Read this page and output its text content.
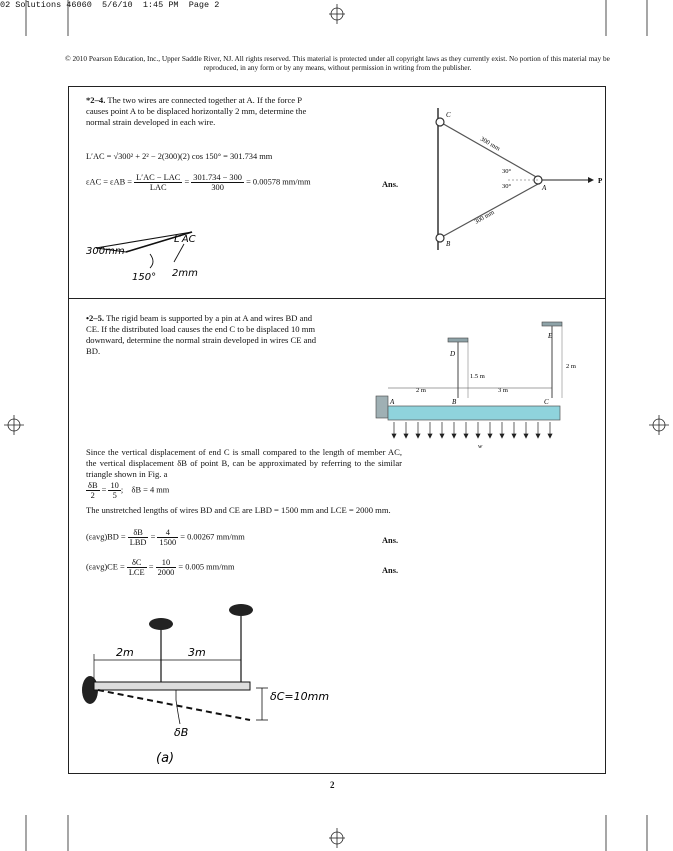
02 Solutions 46060  5/6/10  1:45 PM  Page 2
© 2010 Pearson Education, Inc., Upper Saddle River, NJ. All rights reserved. This material is protected under all copyright laws as they currently exist. No portion of this material may be reproduced, in any form or by any means, without permission in writing from the publisher.
*2–4. The two wires are connected together at A. If the force P causes point A to be displaced horizontally 2 mm, determine the normal strain developed in each wire.
L′AC = √300² + 2² − 2(300)(2) cos 150° = 301.734 mm
$\varepsilon AC = \varepsilon AB = \frac{\text{L′AC − LAC}}{\text{LAC}} = \frac{301.734 - 300}{300} = 0.00578$ mm/mm	Ans.
C
A
B
P
300 mm
300 mm
30°
30°
300mm
L′AC
150° 2mm
•2–5. The rigid beam is supported by a pin at A and wires BD and CE. If the distributed load causes the end C to be displaced 10 mm downward, determine the normal strain developed in wires CE and BD.
E
D
A	B	C
w
1.5 m
2 m
2 m	3 m
Since the vertical displacement of end C is small compared to the length of member AC, the vertical displacement δB of point B, can be approximated by referring to the similar triangle shown in Fig. a
$\frac{\delta B}{2} = \frac{10}{5}$ ;    δB = 4 mm
The unstretched lengths of wires BD and CE are LBD = 1500 mm and LCE = 2000 mm.
$(\varepsilon avg)BD = \frac{\delta B}{\text{LBD}} = \frac{4}{1500} = 0.00267$ mm/mm	Ans.
$(\varepsilon avg)CE = \frac{\delta C}{\text{LCE}} = \frac{10}{2000} = 0.005$ mm/mm	Ans.
2m	3m
δC=10mm
δB
(a)
2
